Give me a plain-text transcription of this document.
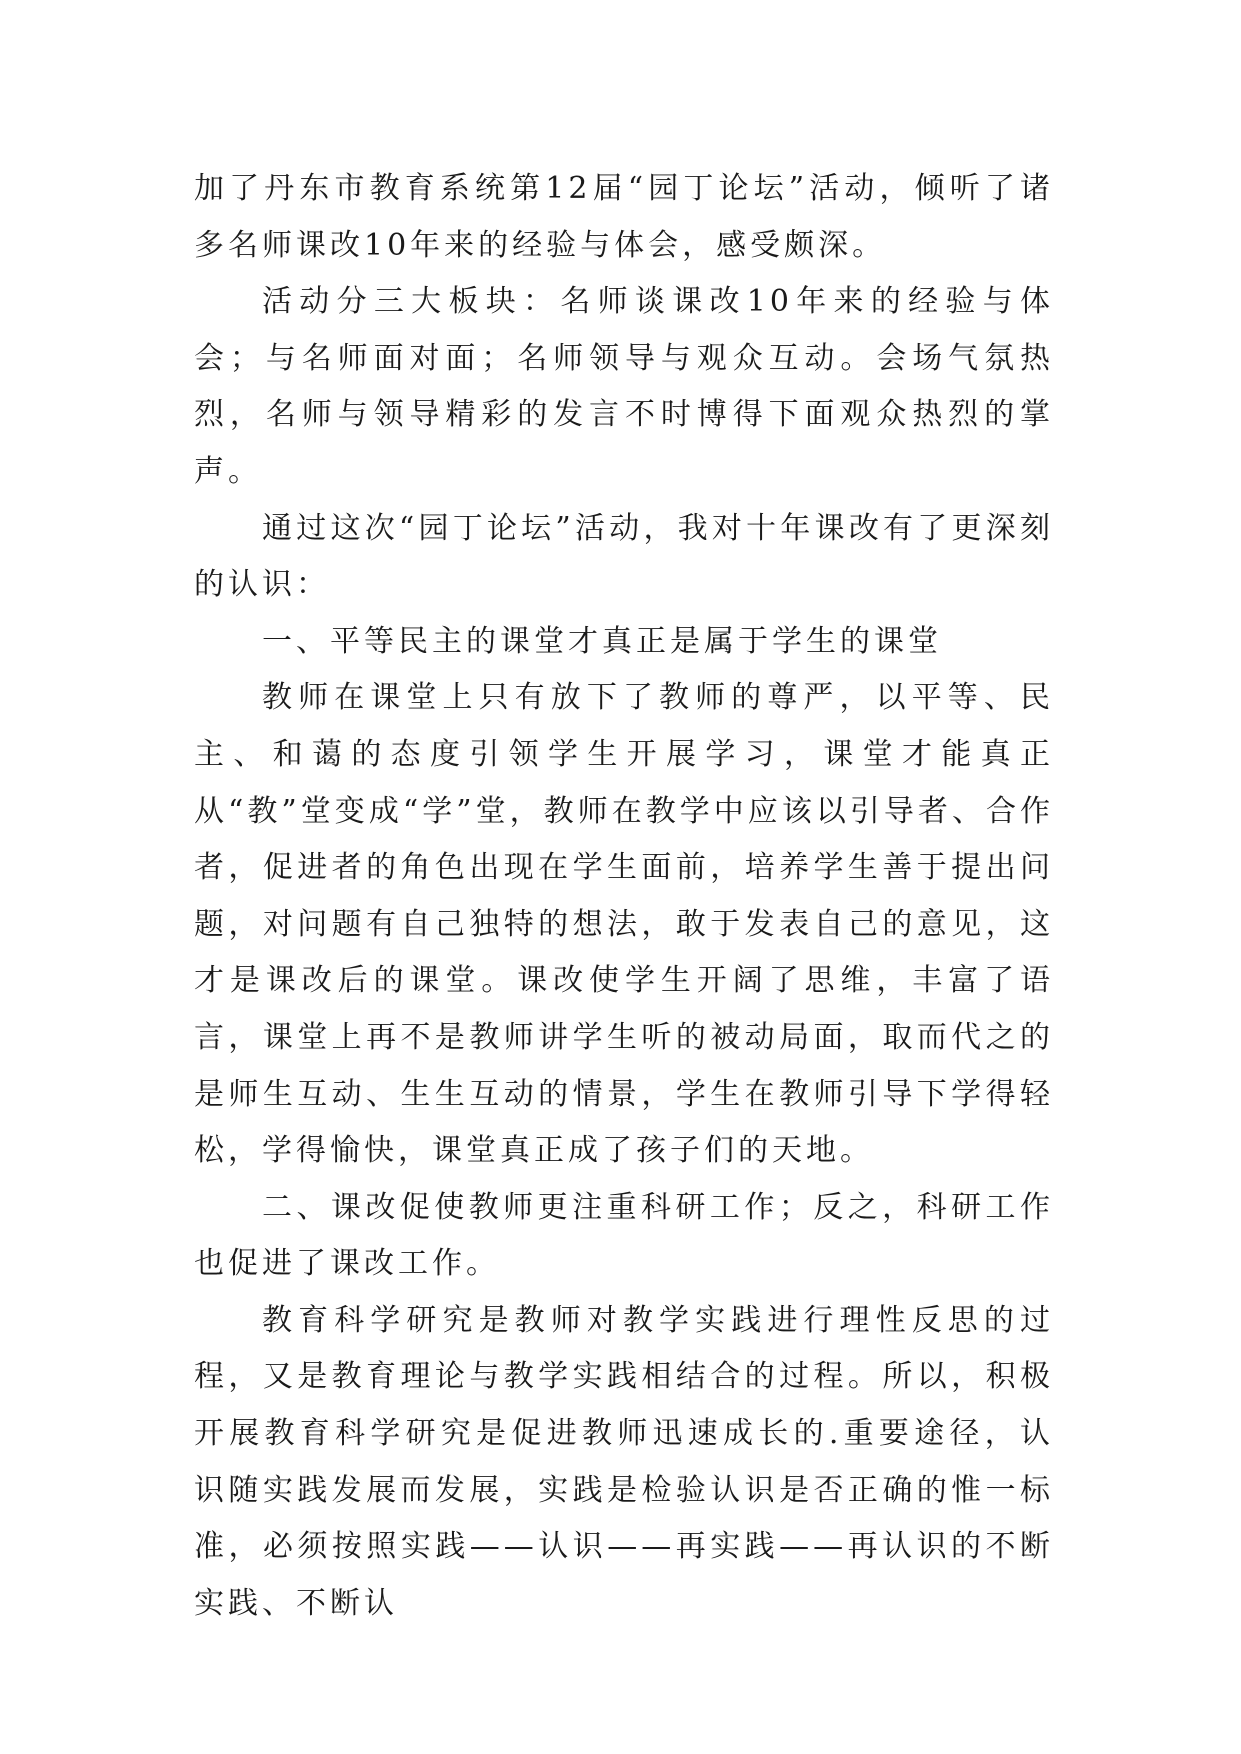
加了丹东市教育系统第12届“园丁论坛”活动，倾听了诸多名师课改10年来的经验与体会，感受颇深。

活动分三大板块：名师谈课改10年来的经验与体会；与名师面对面；名师领导与观众互动。会场气氛热烈，名师与领导精彩的发言不时博得下面观众热烈的掌声。

通过这次“园丁论坛”活动，我对十年课改有了更深刻的认识：

一、平等民主的课堂才真正是属于学生的课堂

教师在课堂上只有放下了教师的尊严，以平等、民主、和蔼的态度引领学生开展学习，课堂才能真正从“教”堂变成“学”堂，教师在教学中应该以引导者、合作者，促进者的角色出现在学生面前，培养学生善于提出问题，对问题有自己独特的想法，敢于发表自己的意见，这才是课改后的课堂。课改使学生开阔了思维，丰富了语言，课堂上再不是教师讲学生听的被动局面，取而代之的是师生互动、生生互动的情景，学生在教师引导下学得轻松，学得愉快，课堂真正成了孩子们的天地。

二、课改促使教师更注重科研工作；反之，科研工作也促进了课改工作。

教育科学研究是教师对教学实践进行理性反思的过程，又是教育理论与教学实践相结合的过程。所以，积极开展教育科学研究是促进教师迅速成长的.重要途径，认识随实践发展而发展，实践是检验认识是否正确的惟一标准，必须按照实践——认识——再实践——再认识的不断实践、不断认
